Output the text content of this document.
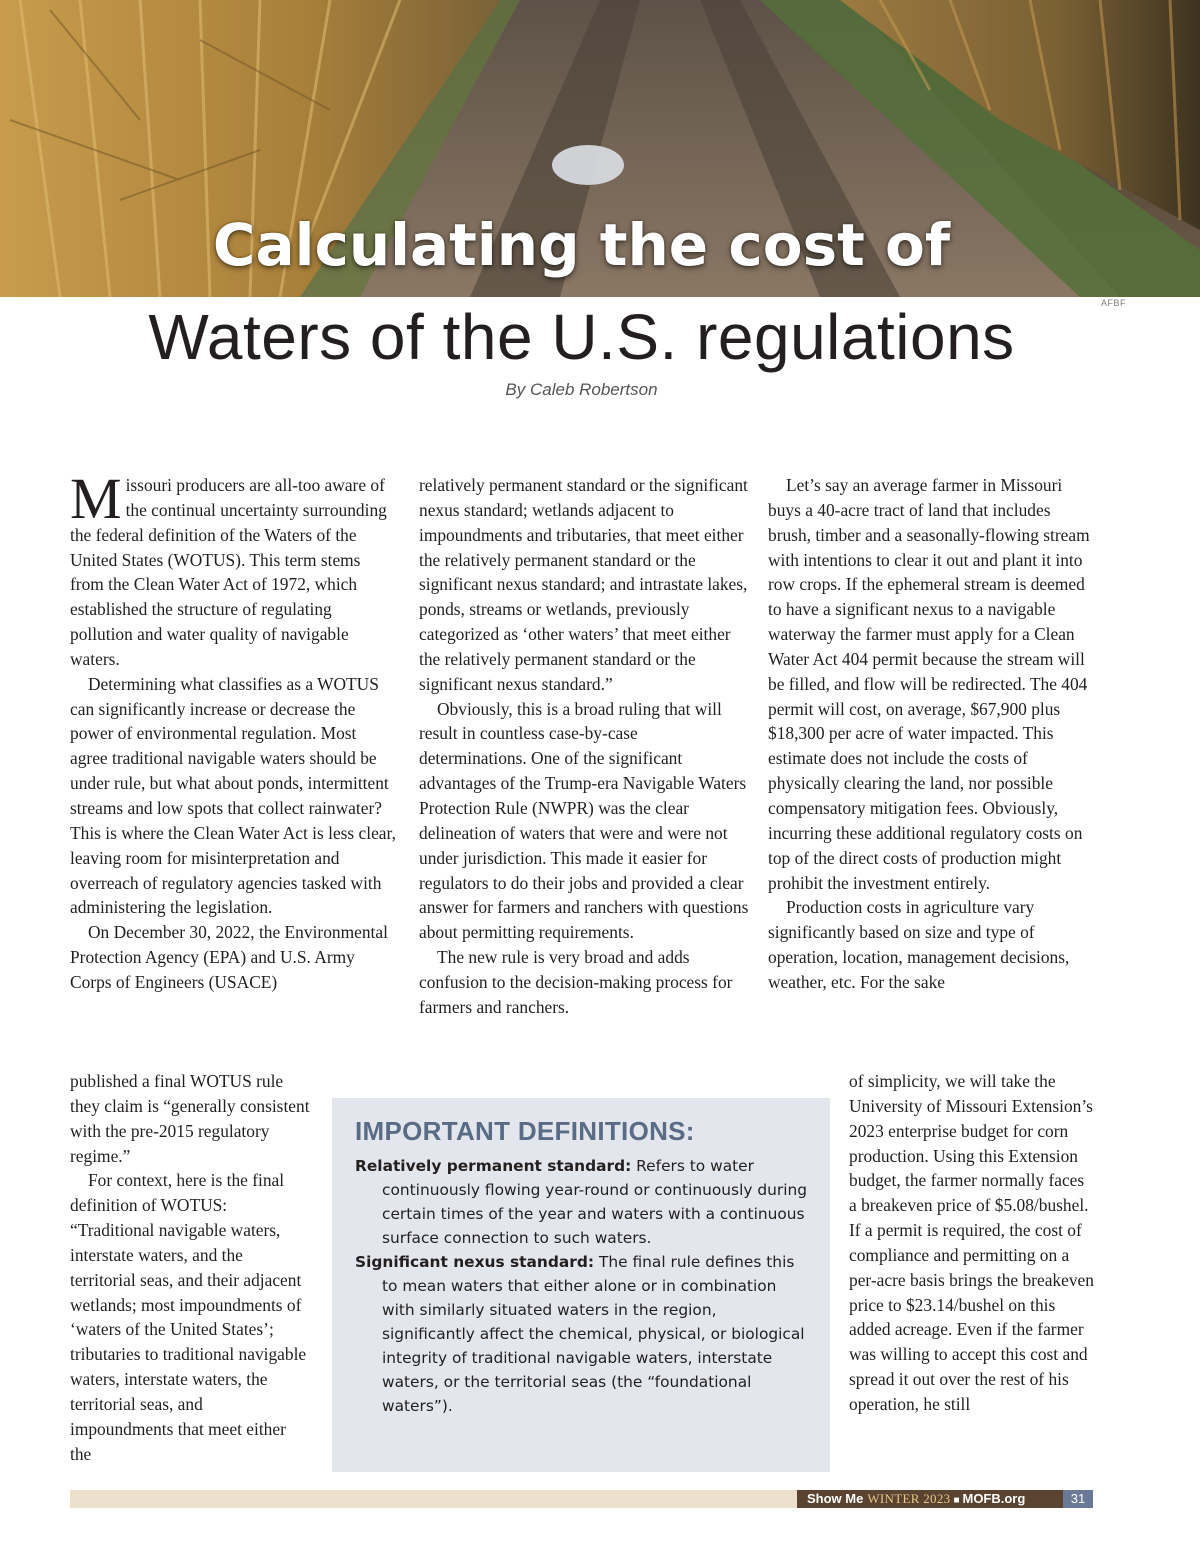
Calculating the cost of
AFBF
Waters of the U.S. regulations
By Caleb Robertson

Missouri producers are all-too aware of the continual uncertainty surrounding the federal definition of the Waters of the United States (WOTUS). This term stems from the Clean Water Act of 1972, which established the structure of regulating pollution and water quality of navigable waters.

Determining what classifies as a WOTUS can significantly increase or decrease the power of environmental regulation. Most agree traditional navigable waters should be under rule, but what about ponds, intermittent streams and low spots that collect rainwater? This is where the Clean Water Act is less clear, leaving room for misinterpretation and overreach of regulatory agencies tasked with administering the legislation.

On December 30, 2022, the Environmental Protection Agency (EPA) and U.S. Army Corps of Engineers (USACE)

published a final WOTUS rule they claim is “generally consistent with the pre-2015 regulatory regime.”

For context, here is the final definition of WOTUS: “Traditional navigable waters, interstate waters, and the territorial seas, and their adjacent wetlands; most impoundments of ‘waters of the United States’; tributaries to traditional navigable waters, interstate waters, the territorial seas, and impoundments that meet either the

relatively permanent standard or the significant nexus standard; wetlands adjacent to impoundments and tributaries, that meet either the relatively permanent standard or the significant nexus standard; and intrastate lakes, ponds, streams or wetlands, previously categorized as ‘other waters’ that meet either the relatively permanent standard or the significant nexus standard.”

Obviously, this is a broad ruling that will result in countless case-by-case determinations. One of the significant advantages of the Trump-era Navigable Waters Protection Rule (NWPR) was the clear delineation of waters that were and were not under jurisdiction. This made it easier for regulators to do their jobs and provided a clear answer for farmers and ranchers with questions about permitting requirements.

The new rule is very broad and adds confusion to the decision-making process for farmers and ranchers.

Let’s say an average farmer in Missouri buys a 40-acre tract of land that includes brush, timber and a seasonally-flowing stream with intentions to clear it out and plant it into row crops. If the ephemeral stream is deemed to have a significant nexus to a navigable waterway the farmer must apply for a Clean Water Act 404 permit because the stream will be filled, and flow will be redirected. The 404 permit will cost, on average, $67,900 plus $18,300 per acre of water impacted. This estimate does not include the costs of physically clearing the land, nor possible compensatory mitigation fees. Obviously, incurring these additional regulatory costs on top of the direct costs of production might prohibit the investment entirely.

Production costs in agriculture vary significantly based on size and type of operation, location, management decisions, weather, etc. For the sake

of simplicity, we will take the University of Missouri Extension’s 2023 enterprise budget for corn production. Using this Extension budget, the farmer normally faces a breakeven price of $5.08/bushel. If a permit is required, the cost of compliance and permitting on a per-acre basis brings the breakeven price to $23.14/bushel on this added acreage. Even if the farmer was willing to accept this cost and spread it out over the rest of his operation, he still

IMPORTANT DEFINITIONS:

Relatively permanent standard: Refers to water continuously flowing year-round or continuously during certain times of the year and waters with a continuous surface connection to such waters.

Significant nexus standard: The final rule defines this to mean waters that either alone or in combination with similarly situated waters in the region, significantly affect the chemical, physical, or biological integrity of traditional navigable waters, interstate waters, or the territorial seas (the “foundational waters”).

Show Me WINTER 2023 ■ MOFB.org	31
